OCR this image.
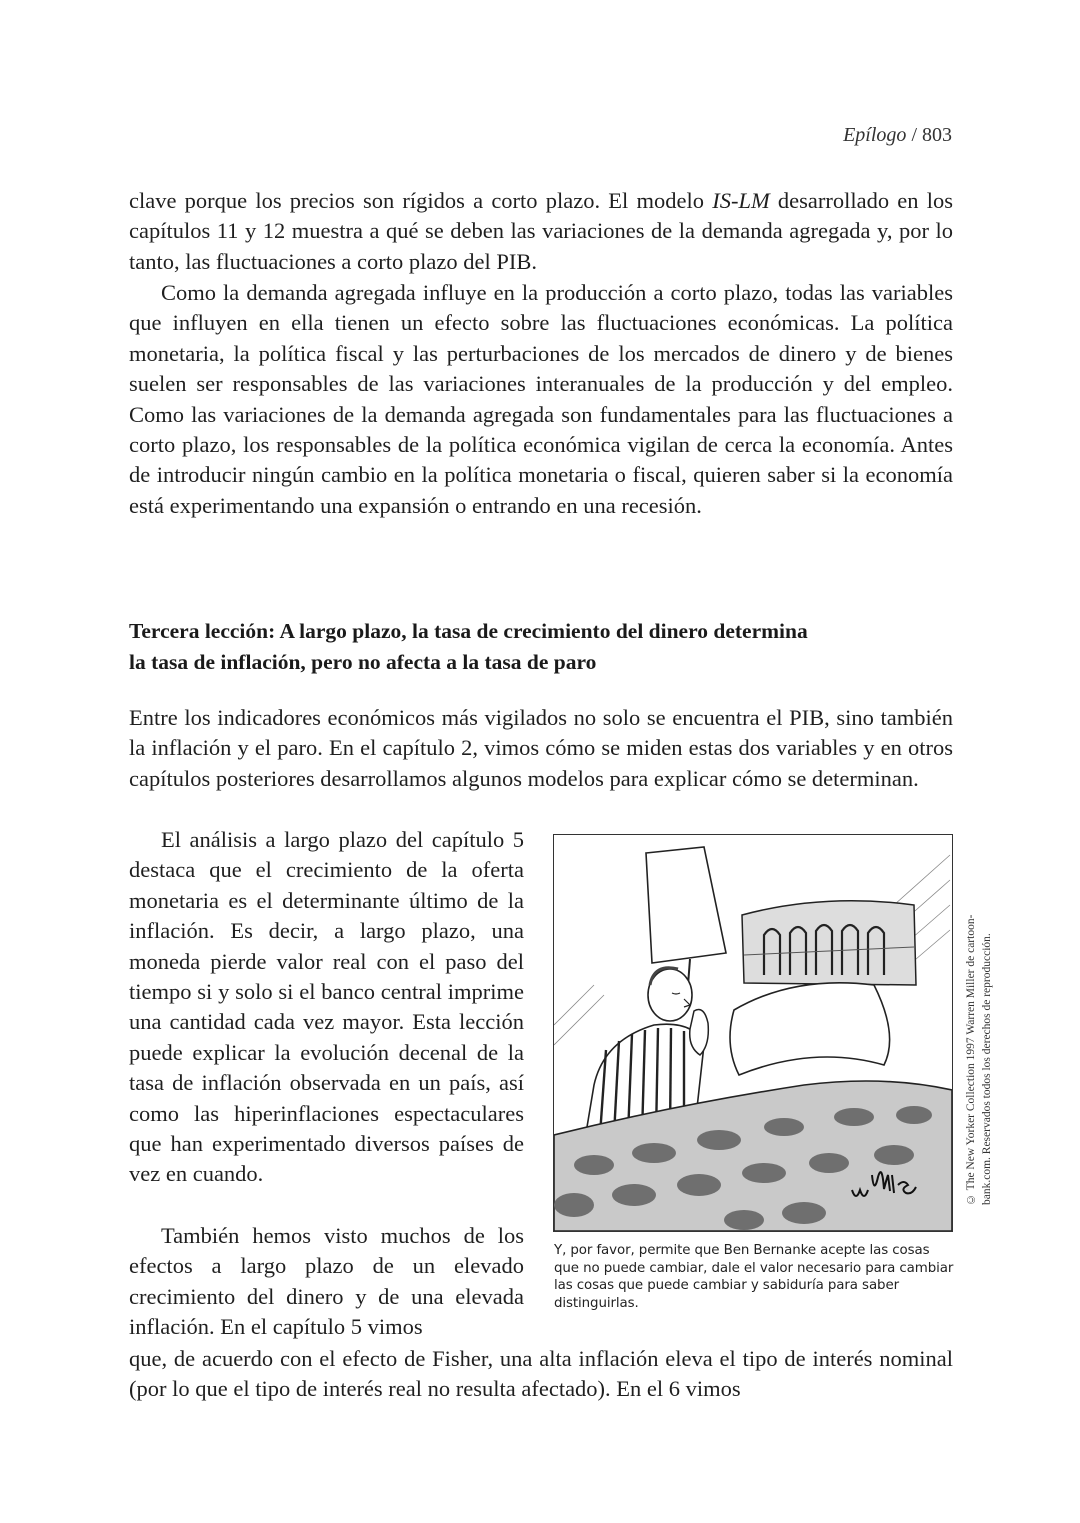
Epílogo / 803

clave porque los precios son rígidos a corto plazo. El modelo IS-LM desarrollado en los capítulos 11 y 12 muestra a qué se deben las variaciones de la demanda agregada y, por lo tanto, las fluctuaciones a corto plazo del PIB.

Como la demanda agregada influye en la producción a corto plazo, todas las variables que influyen en ella tienen un efecto sobre las fluctuaciones económicas. La política monetaria, la política fiscal y las perturbaciones de los mercados de dinero y de bienes suelen ser responsables de las variaciones interanuales de la producción y del empleo. Como las variaciones de la demanda agregada son fundamentales para las fluctuaciones a corto plazo, los responsables de la política económica vigilan de cerca la economía. Antes de introducir ningún cambio en la política monetaria o fiscal, quieren saber si la economía está experimentando una expansión o entrando en una recesión.

Tercera lección: A largo plazo, la tasa de crecimiento del dinero determina
la tasa de inflación, pero no afecta a la tasa de paro

Entre los indicadores económicos más vigilados no solo se encuentra el PIB, sino también la inflación y el paro. En el capítulo 2, vimos cómo se miden estas dos variables y en otros capítulos posteriores desarrollamos algunos modelos para explicar cómo se determinan.

El análisis a largo plazo del capítulo 5 destaca que el crecimiento de la oferta monetaria es el determinante último de la inflación. Es decir, a largo plazo, una moneda pierde valor real con el paso del tiempo si y solo si el banco central imprime una cantidad cada vez mayor. Esta lección puede explicar la evolución decenal de la tasa de inflación observada en un país, así como las hiperinflaciones espectaculares que han experimentado diversos países de vez en cuando.

También hemos visto muchos de los efectos a largo plazo de un elevado crecimiento del dinero y de una elevada inflación. En el capítulo 5 vimos

que, de acuerdo con el efecto de Fisher, una alta inflación eleva el tipo de interés nominal (por lo que el tipo de interés real no resulta afectado). En el 6 vimos

Y, por favor, permite que Ben Bernanke acepte las cosas que no puede cambiar, dale el valor necesario para cambiar las cosas que puede cambiar y sabiduría para saber distinguirlas.

© The New Yorker Collection 1997 Warren Miller de cartoon- bank.com. Reservados todos los derechos de reproducción.
